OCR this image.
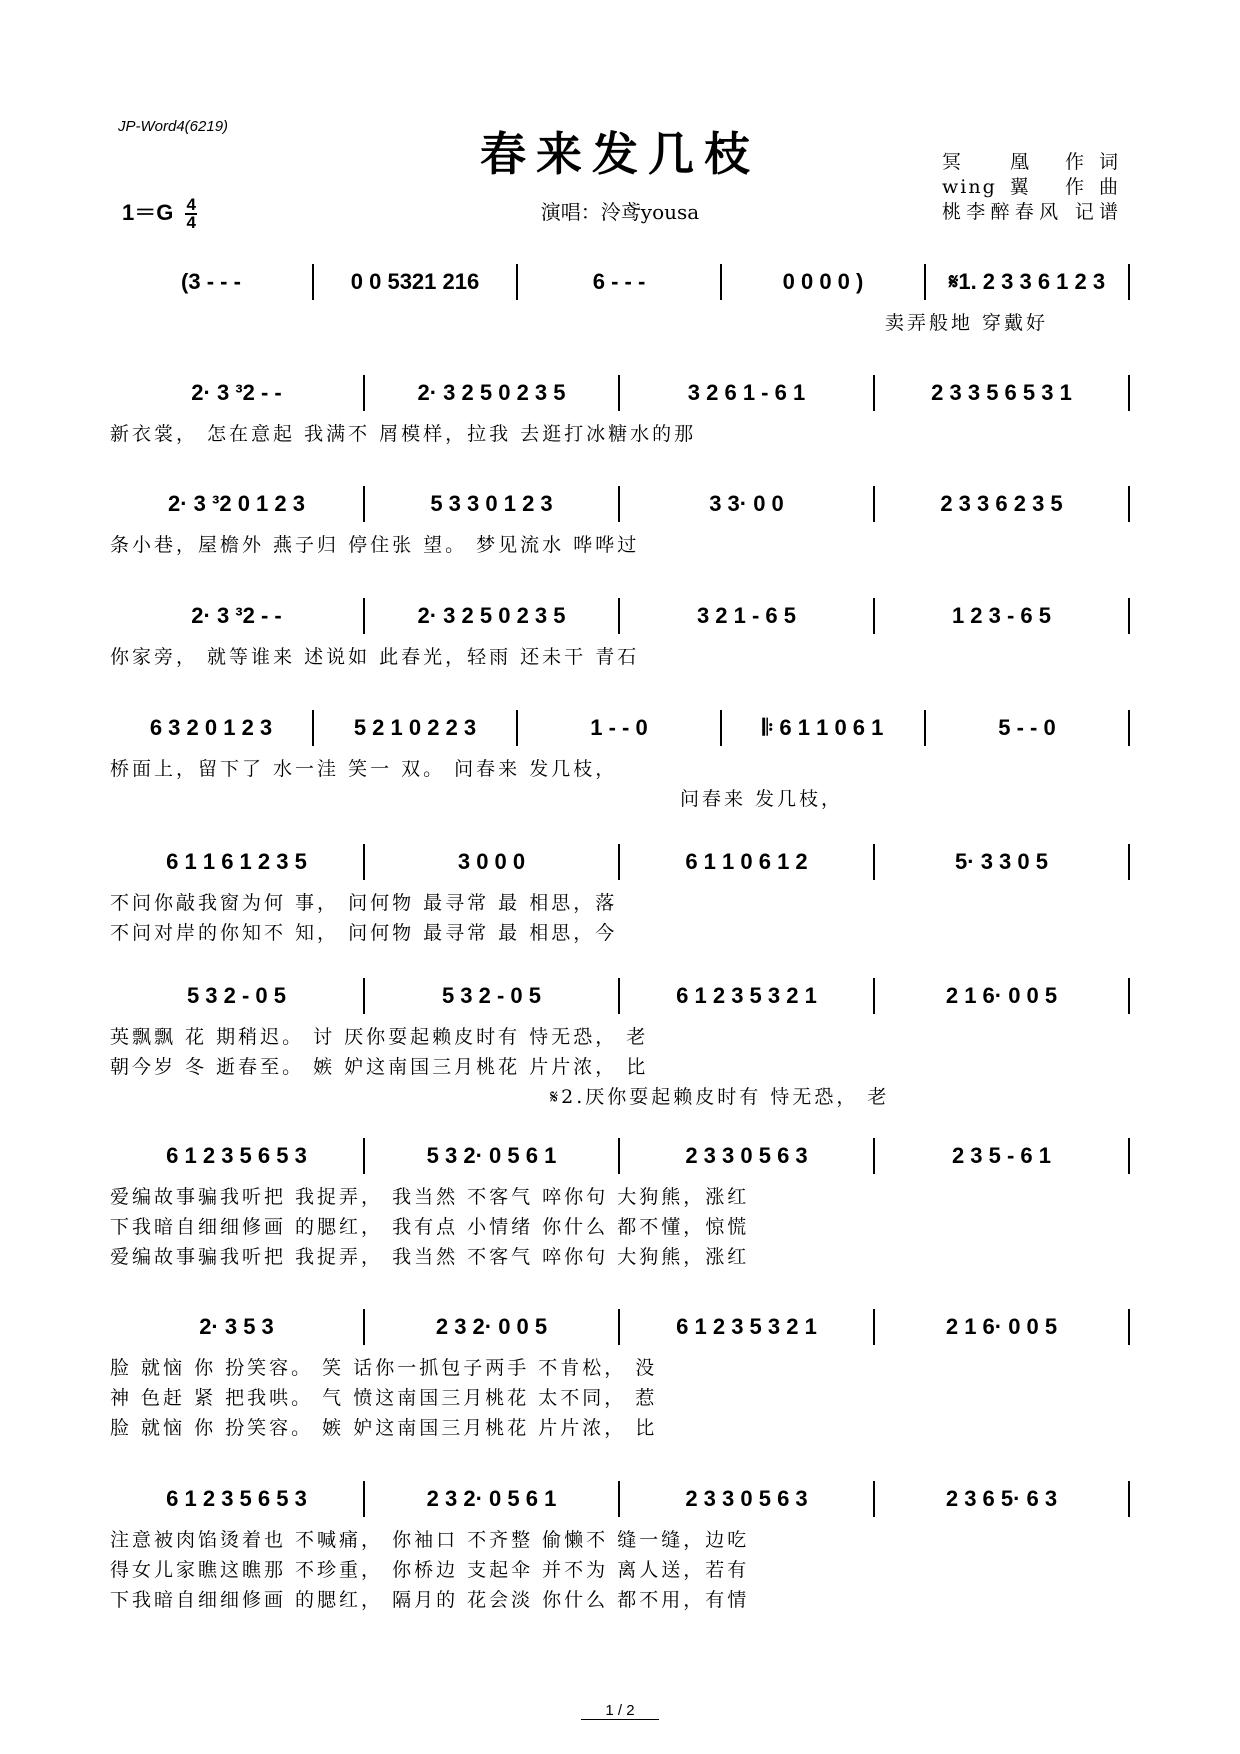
JP-Word4(6219)
春来发几枝
$1=G \frac{4}{4}$	演唱：泠鸢yousa
冥　凰 作词
wing翼 作曲
桃李醉春风 记谱
(3 - - -	0 0 5321 216	6 - - -	0 0 0 0 )	𝄋1. 2 3 3 6 1 2 3
卖弄般地 穿戴好
2· 3 ³2 - -	2· 3 2 5 0 2 3 5	3 2 6 1 - 6 1	2 3 3 5 6 5 3 1
新衣裳， 怎在意起 我满不 屑模样，拉我 去逛打冰糖水的那
2· 3 ³2 0 1 2 3	5 3 3 0 1 2 3	3 3· 0 0	2 3 3 6 2 3 5
条小巷，屋檐外 燕子归 停住张 望。 梦见流水 哗哗过
2· 3 ³2 - -	2· 3 2 5 0 2 3 5	3 2 1 - 6 5	1 2 3 - 6 5
你家旁， 就等谁来 述说如 此春光，轻雨 还未干 青石
6 3 2 0 1 2 3	5 2 1 0 2 2 3	1 - - 0	𝄆 6 1 1 0 6 1	5 - - 0
桥面上，留下了 水一洼 笑一 双。 问春来 发几枝，
问春来 发几枝，
6 1 1 6 1 2 3 5	3 0 0 0	6 1 1 0 6 1 2	5· 3 3 0 5
不问你敲我窗为何 事， 问何物 最寻常 最 相思，落
不问对岸的你知不 知， 问何物 最寻常 最 相思，今
5 3 2 - 0 5	5 3 2 - 0 5	6 1 2 3 5 3 2 1	2 1 6· 0 0 5
英飘飘 花 期稍迟。 讨 厌你耍起赖皮时有 恃无恐， 老
朝今岁 冬 逝春至。 嫉 妒这南国三月桃花 片片浓， 比
𝄋2.厌你耍起赖皮时有 恃无恐， 老
6 1 2 3 5 6 5 3	5 3 2· 0 5 6 1	2 3 3 0 5 6 3	2 3 5 - 6 1
爱编故事骗我听把 我捉弄， 我当然 不客气 啐你句 大狗熊，涨红
下我暗自细细修画 的腮红， 我有点 小情绪 你什么 都不懂，惊慌
爱编故事骗我听把 我捉弄， 我当然 不客气 啐你句 大狗熊，涨红
2· 3 5 3	2 3 2· 0 0 5	6 1 2 3 5 3 2 1	2 1 6· 0 0 5
脸 就恼 你 扮笑容。 笑 话你一抓包子两手 不肯松， 没
神 色赶 紧 把我哄。 气 愤这南国三月桃花 太不同， 惹
脸 就恼 你 扮笑容。 嫉 妒这南国三月桃花 片片浓， 比
6 1 2 3 5 6 5 3	2 3 2· 0 5 6 1	2 3 3 0 5 6 3	2 3 6 5· 6 3
注意被肉馅烫着也 不喊痛， 你袖口 不齐整 偷懒不 缝一缝，边吃
得女儿家瞧这瞧那 不珍重， 你桥边 支起伞 并不为 离人送，若有
下我暗自细细修画 的腮红， 隔月的 花会淡 你什么 都不用，有情
1 / 2
